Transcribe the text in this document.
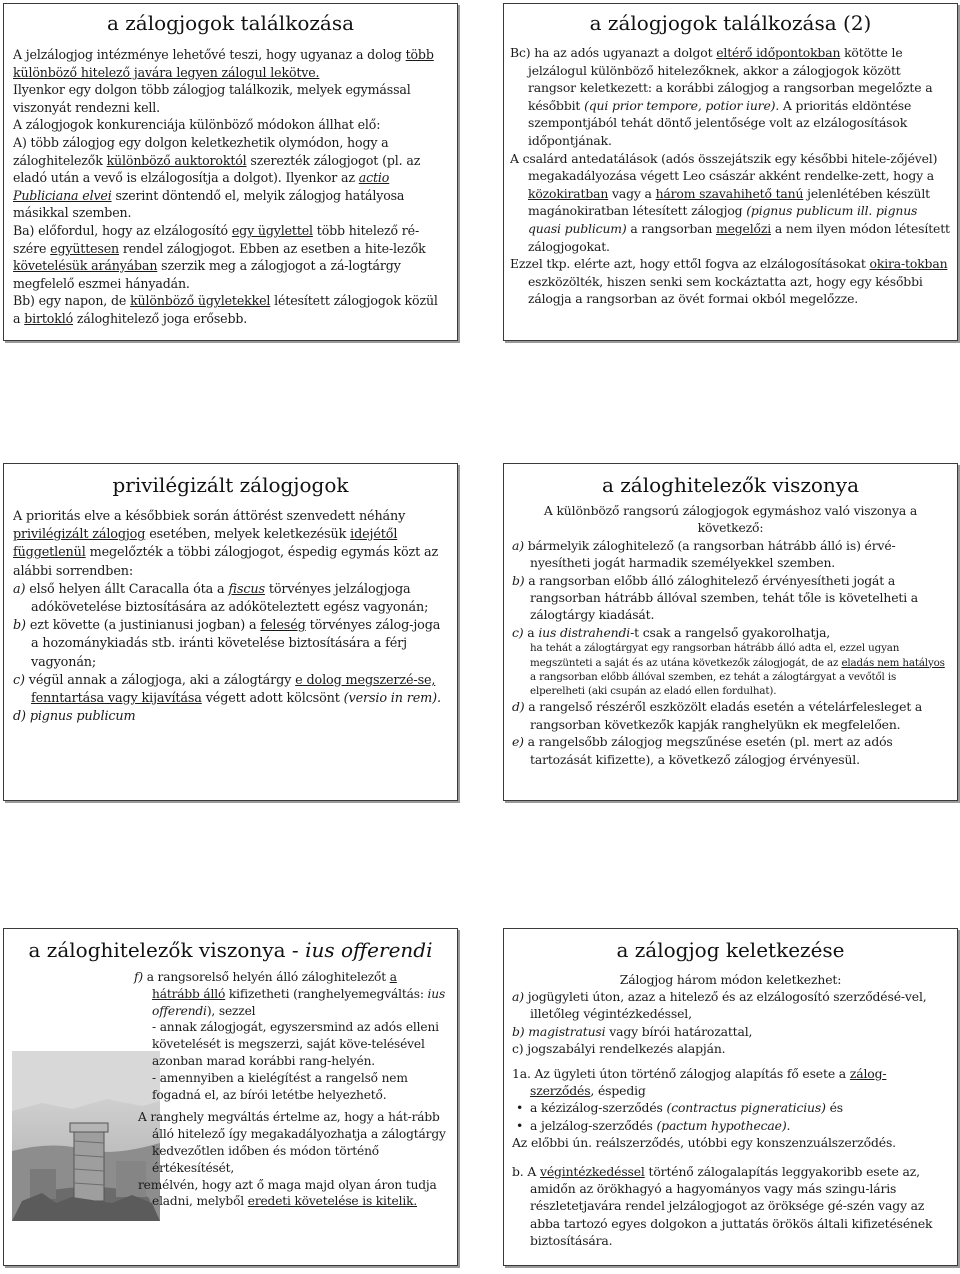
a zálogjogok találkozása

A jelzálogjog intézménye lehetővé teszi, hogy ugyanaz a dolog több különböző hitelező javára legyen zálogul lekötve.

Ilyenkor egy dolgon több zálogjog találkozik, melyek egymással viszonyát rendezni kell.

A zálogjogok konkurenciája különböző módokon állhat elő:

A) több zálogjog egy dolgon keletkezhetik olymódon, hogy a záloghitelezők különböző auktoroktól szerezték zálogjogot (pl. az eladó után a vevő is elzálogosítja a dolgot). Ilyenkor az actio Publiciana elvei szerint döntendő el, melyik zálogjog hatályosa másikkal szemben.

Ba) előfordul, hogy az elzálogosító egy ügylettel több hitelező ré-szére együttesen rendel zálogjogot. Ebben az esetben a hite-lezők követelésük arányában szerzik meg a zálogjogot a zá-logtárgy megfelelő eszmei hányadán.

Bb) egy napon, de különböző ügyletekkel létesített zálogjogok közül a birtokló záloghitelező joga erősebb.

a zálogjogok találkozása (2)

Bc) ha az adós ugyanazt a dolgot eltérő időpontokban kötötte le jelzálogul különböző hitelezőknek, akkor a zálogjogok között rangsor keletkezett: a korábbi zálogjog a rangsorban megelőzte a későbbit (qui prior tempore, potior iure). A prioritás eldöntése szempontjából tehát döntő jelentősége volt az elzálogosítások időpontjának.

A csalárd antedatálások (adós összejátszik egy későbbi hitele-zőjével) megakadályozása végett Leo császár akként rendelke-zett, hogy a közokiratban vagy a három szavahihető tanú jelenlétében készült magánokiratban létesített zálogjog (pignus publicum ill. pignus quasi publicum) a rangsorban megelőzi a nem ilyen módon létesített zálogjogokat.

Ezzel tkp. elérte azt, hogy ettől fogva az elzálogosításokat okira-tokban eszközölték, hiszen senki sem kockáztatta azt, hogy egy későbbi zálogja a rangsorban az övét formai okból megelőzze.

privilégizált zálogjogok

A prioritás elve a későbbiek során áttörést szenvedett néhány privilégizált zálogjog esetében, melyek keletkezésük idejétől függetlenül megelőzték a többi zálogjogot, éspedig egymás közt az alábbi sorrendben:

a) első helyen állt Caracalla óta a fiscus törvényes jelzálogjoga adókövetelése biztosítására az adóköteleztett egész vagyonán;

b) ezt követte (a justinianusi jogban) a feleség törvényes zálog-joga a hozománykiadás stb. iránti követelése biztosítására a férj vagyonán;

c) végül annak a zálogjoga, aki a zálogtárgy e dolog megszerzé-se, fenntartása vagy kijavítása végett adott kölcsönt (versio in rem).

d) pignus publicum

a záloghitelezők viszonya

A különböző rangsorú zálogjogok egymáshoz való viszonya a következő:

a) bármelyik záloghitelező (a rangsorban hátrább álló is) érvé-nyesítheti jogát harmadik személyekkel szemben.

b) a rangsorban előbb álló záloghitelező érvényesítheti jogát a rangsorban hátrább állóval szemben, tehát tőle is követelheti a zálogtárgy kiadását.

c) a ius distrahendi-t csak a rangelső gyakorolhatja,

ha tehát a zálogtárgyat egy rangsorban hátrább álló adta el, ezzel ugyan megszünteti a saját és az utána következők zálogjogát, de az eladás nem hatályos a rangsorban előbb állóval szemben, ez tehát a zálogtárgyat a vevőtől is elperelheti (aki csupán az eladó ellen fordulhat).

d) a rangelső részéről eszközölt eladás esetén a vételárfelesleget a rangsorban következők kapják ranghelyükn ek megfelelően.

e) a rangelsőbb zálogjog megszűnése esetén (pl. mert az adós tartozását kifizette), a következő zálogjog érvényesül.

a záloghitelezők viszonya - ius offerendi

f) a rangsorelső helyén álló záloghitelezőt a hátrább álló kifizetheti (ranghelyemegváltás: ius offerendi), sezzel

- annak zálogjogát, egyszersmind az adós elleni követelését is megszerzi, saját köve-telésével azonban marad korábbi rang-helyén.

- amennyiben a kielégítést a rangelső nem fogadná el, az bírói letétbe helyezhető.

A ranghely megváltás értelme az, hogy a hát-rább álló hitelező így megakadályozhatja a zálogtárgy kedvezőtlen időben és módon történő értékesítését,

remélvén, hogy azt ő maga majd olyan áron tudja eladni, melyből eredeti követelése is kitelik.

a zálogjog keletkezése

Zálogjog három módon keletkezhet:

a) jogügyleti úton, azaz a hitelező és az elzálogosító szerződésé-vel, illetőleg végintézkedéssel,

b) magistratusi vagy bírói határozattal,

c) jogszabályi rendelkezés alapján.

1a. Az ügyleti úton történő zálogjog alapítás fő esete a zálog-szerződés, éspedig

• a kézizálog-szerződés (contractus pigneraticius) és

• a jelzálog-szerződés (pactum hypothecae).

Az előbbi ún. reálszerződés, utóbbi egy konszenzuálszerződés.

b. A végintézkedéssel történő zálogalapítás leggyakoribb esete az, amidőn az örökhagyó a hagyományos vagy más szingu-láris részletetjavára rendel jelzálogjogot az öröksége gé-szén vagy az abba tartozó egyes dolgokon a juttatás örökös általi kifizetésének biztosítására.
